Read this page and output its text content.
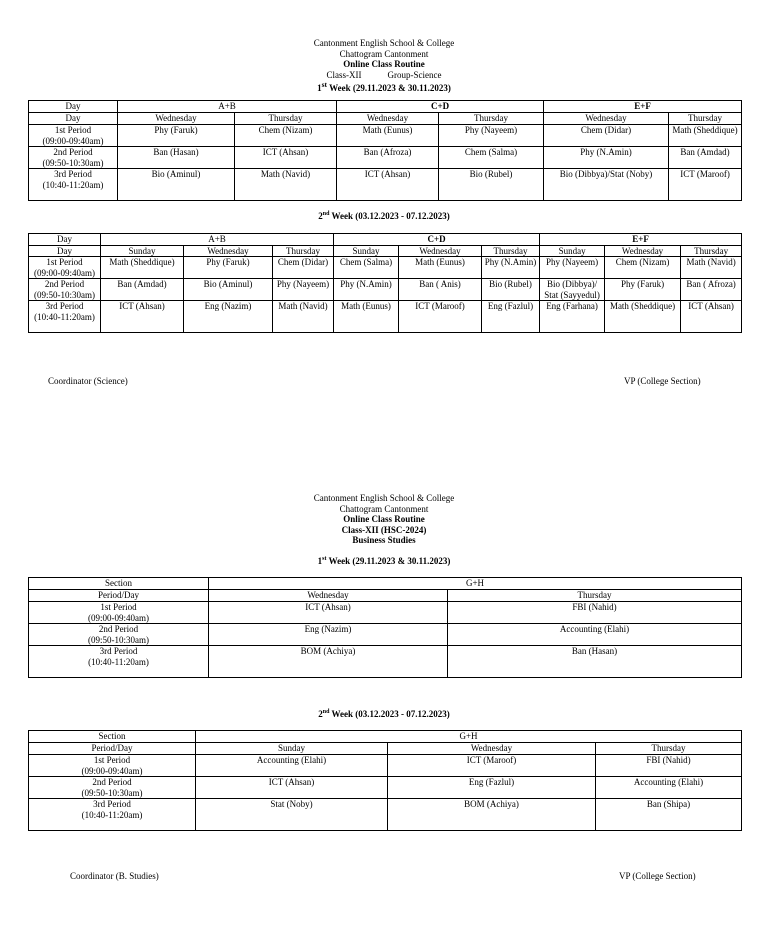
Cantonment English School & College
Chattogram Cantonment
Online Class Routine
Class-XII	Group-Science
1st Week (29.11.2023 & 30.11.2023)
Day	A+B		C+D		E+F	
Day	Wednesday	Thursday	Wednesday	Thursday	Wednesday	Thursday

1st Period
(09:00-09:40am)	Phy (Faruk)	Chem (Nizam)	Math (Eunus)	Phy (Nayeem)	Chem (Didar)	Math (Sheddique)

2nd Period
(09:50-10:30am)	Ban (Hasan)	ICT (Ahsan)	Ban (Afroza)	Chem (Salma)	Phy (N.Amin)	Ban (Amdad)

3rd Period
(10:40-11:20am)	Bio (Aminul)	Math (Navid)	ICT (Ahsan)	Bio (Rubel)	Bio (Dibbya)/Stat (Noby)	ICT (Maroof)
2nd Week (03.12.2023 - 07.12.2023)
Day	A+B			C+D			E+F		
Day	Sunday	Wednesday	Thursday	Sunday	Wednesday	Thursday	Sunday	Wednesday	Thursday

1st Period
(09:00-09:40am)	Math (Sheddique)	Phy (Faruk)	Chem (Didar)	Chem (Salma)	Math (Eunus)	Phy (N.Amin)	Phy (Nayeem)	Chem (Nizam)	Math (Navid)

2nd Period
(09:50-10:30am)	Ban (Amdad)	Bio (Aminul)	Phy (Nayeem)	Phy (N.Amin)	Ban ( Anis)	Bio (Rubel)	Bio (Dibbya)/ Stat (Sayyedul)	Phy (Faruk)	Ban ( Afroza)

3rd Period
(10:40-11:20am)	ICT (Ahsan)	Eng (Nazim)	Math (Navid)	Math (Eunus)	ICT (Maroof)	Eng (Fazlul)	Eng (Farhana)	Math (Sheddique)	ICT (Ahsan)
Coordinator (Science)	VP (College Section)
Cantonment English School & College
Chattogram Cantonment
Online Class Routine
Class-XII (HSC-2024)
Business Studies
1st Week (29.11.2023 & 30.11.2023)
Section	G+H	
Period/Day	Wednesday	Thursday

1st Period
(09:00-09:40am)	ICT (Ahsan)	FBI (Nahid)

2nd Period
(09:50-10:30am)	Eng (Nazim)	Accounting (Elahi)

3rd Period
(10:40-11:20am)	BOM (Achiya)	Ban (Hasan)
2nd Week (03.12.2023 - 07.12.2023)
Section	G+H		
Period/Day	Sunday	Wednesday	Thursday

1st Period
(09:00-09:40am)	Accounting (Elahi)	ICT (Maroof)	FBI (Nahid)

2nd Period
(09:50-10:30am)	ICT (Ahsan)	Eng (Fazlul)	Accounting (Elahi)

3rd Period
(10:40-11:20am)	Stat (Noby)	BOM (Achiya)	Ban (Shipa)
Coordinator (B. Studies)	VP (College Section)
